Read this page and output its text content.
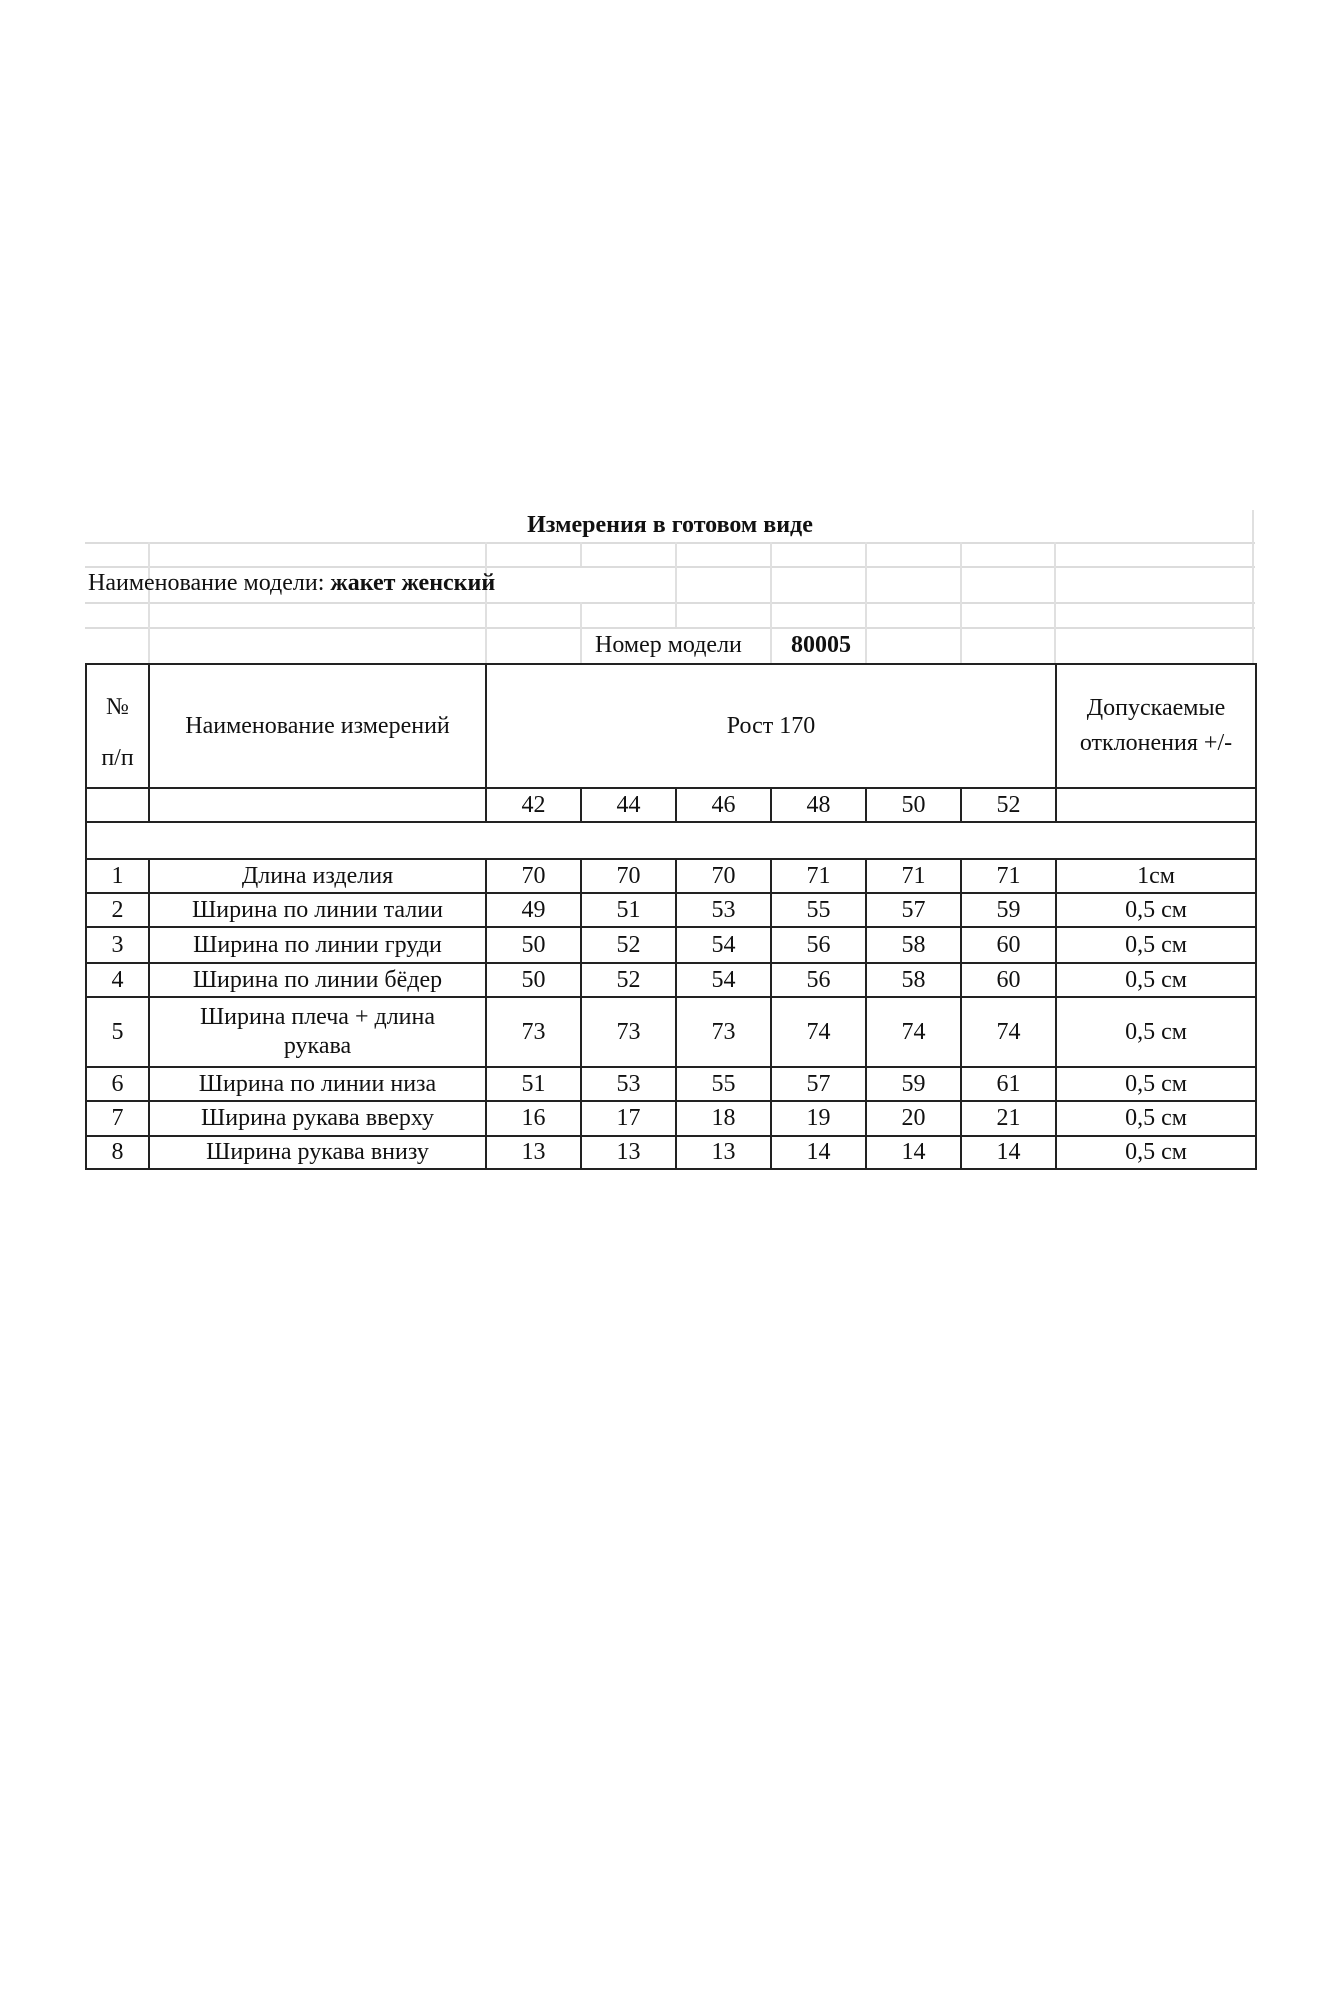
Измерения в готовом виде
Наименование модели: жакет женский
Номер модели 80005
№
п/п	Наименование измерений	Рост 170						Допускаемые отклонения +/-
		42	44	46	48	50	52	

1	Длина изделия	70	70	70	71	71	71	1см
2	Ширина по линии талии	49	51	53	55	57	59	0,5 см
3	Ширина по линии груди	50	52	54	56	58	60	0,5 см
4	Ширина по линии бёдер	50	52	54	56	58	60	0,5 см
5	Ширина плеча + длина рукава	73	73	73	74	74	74	0,5 см
6	Ширина по линии низа	51	53	55	57	59	61	0,5 см
7	Ширина рукава вверху	16	17	18	19	20	21	0,5 см
8	Ширина рукава внизу	13	13	13	14	14	14	0,5 см
